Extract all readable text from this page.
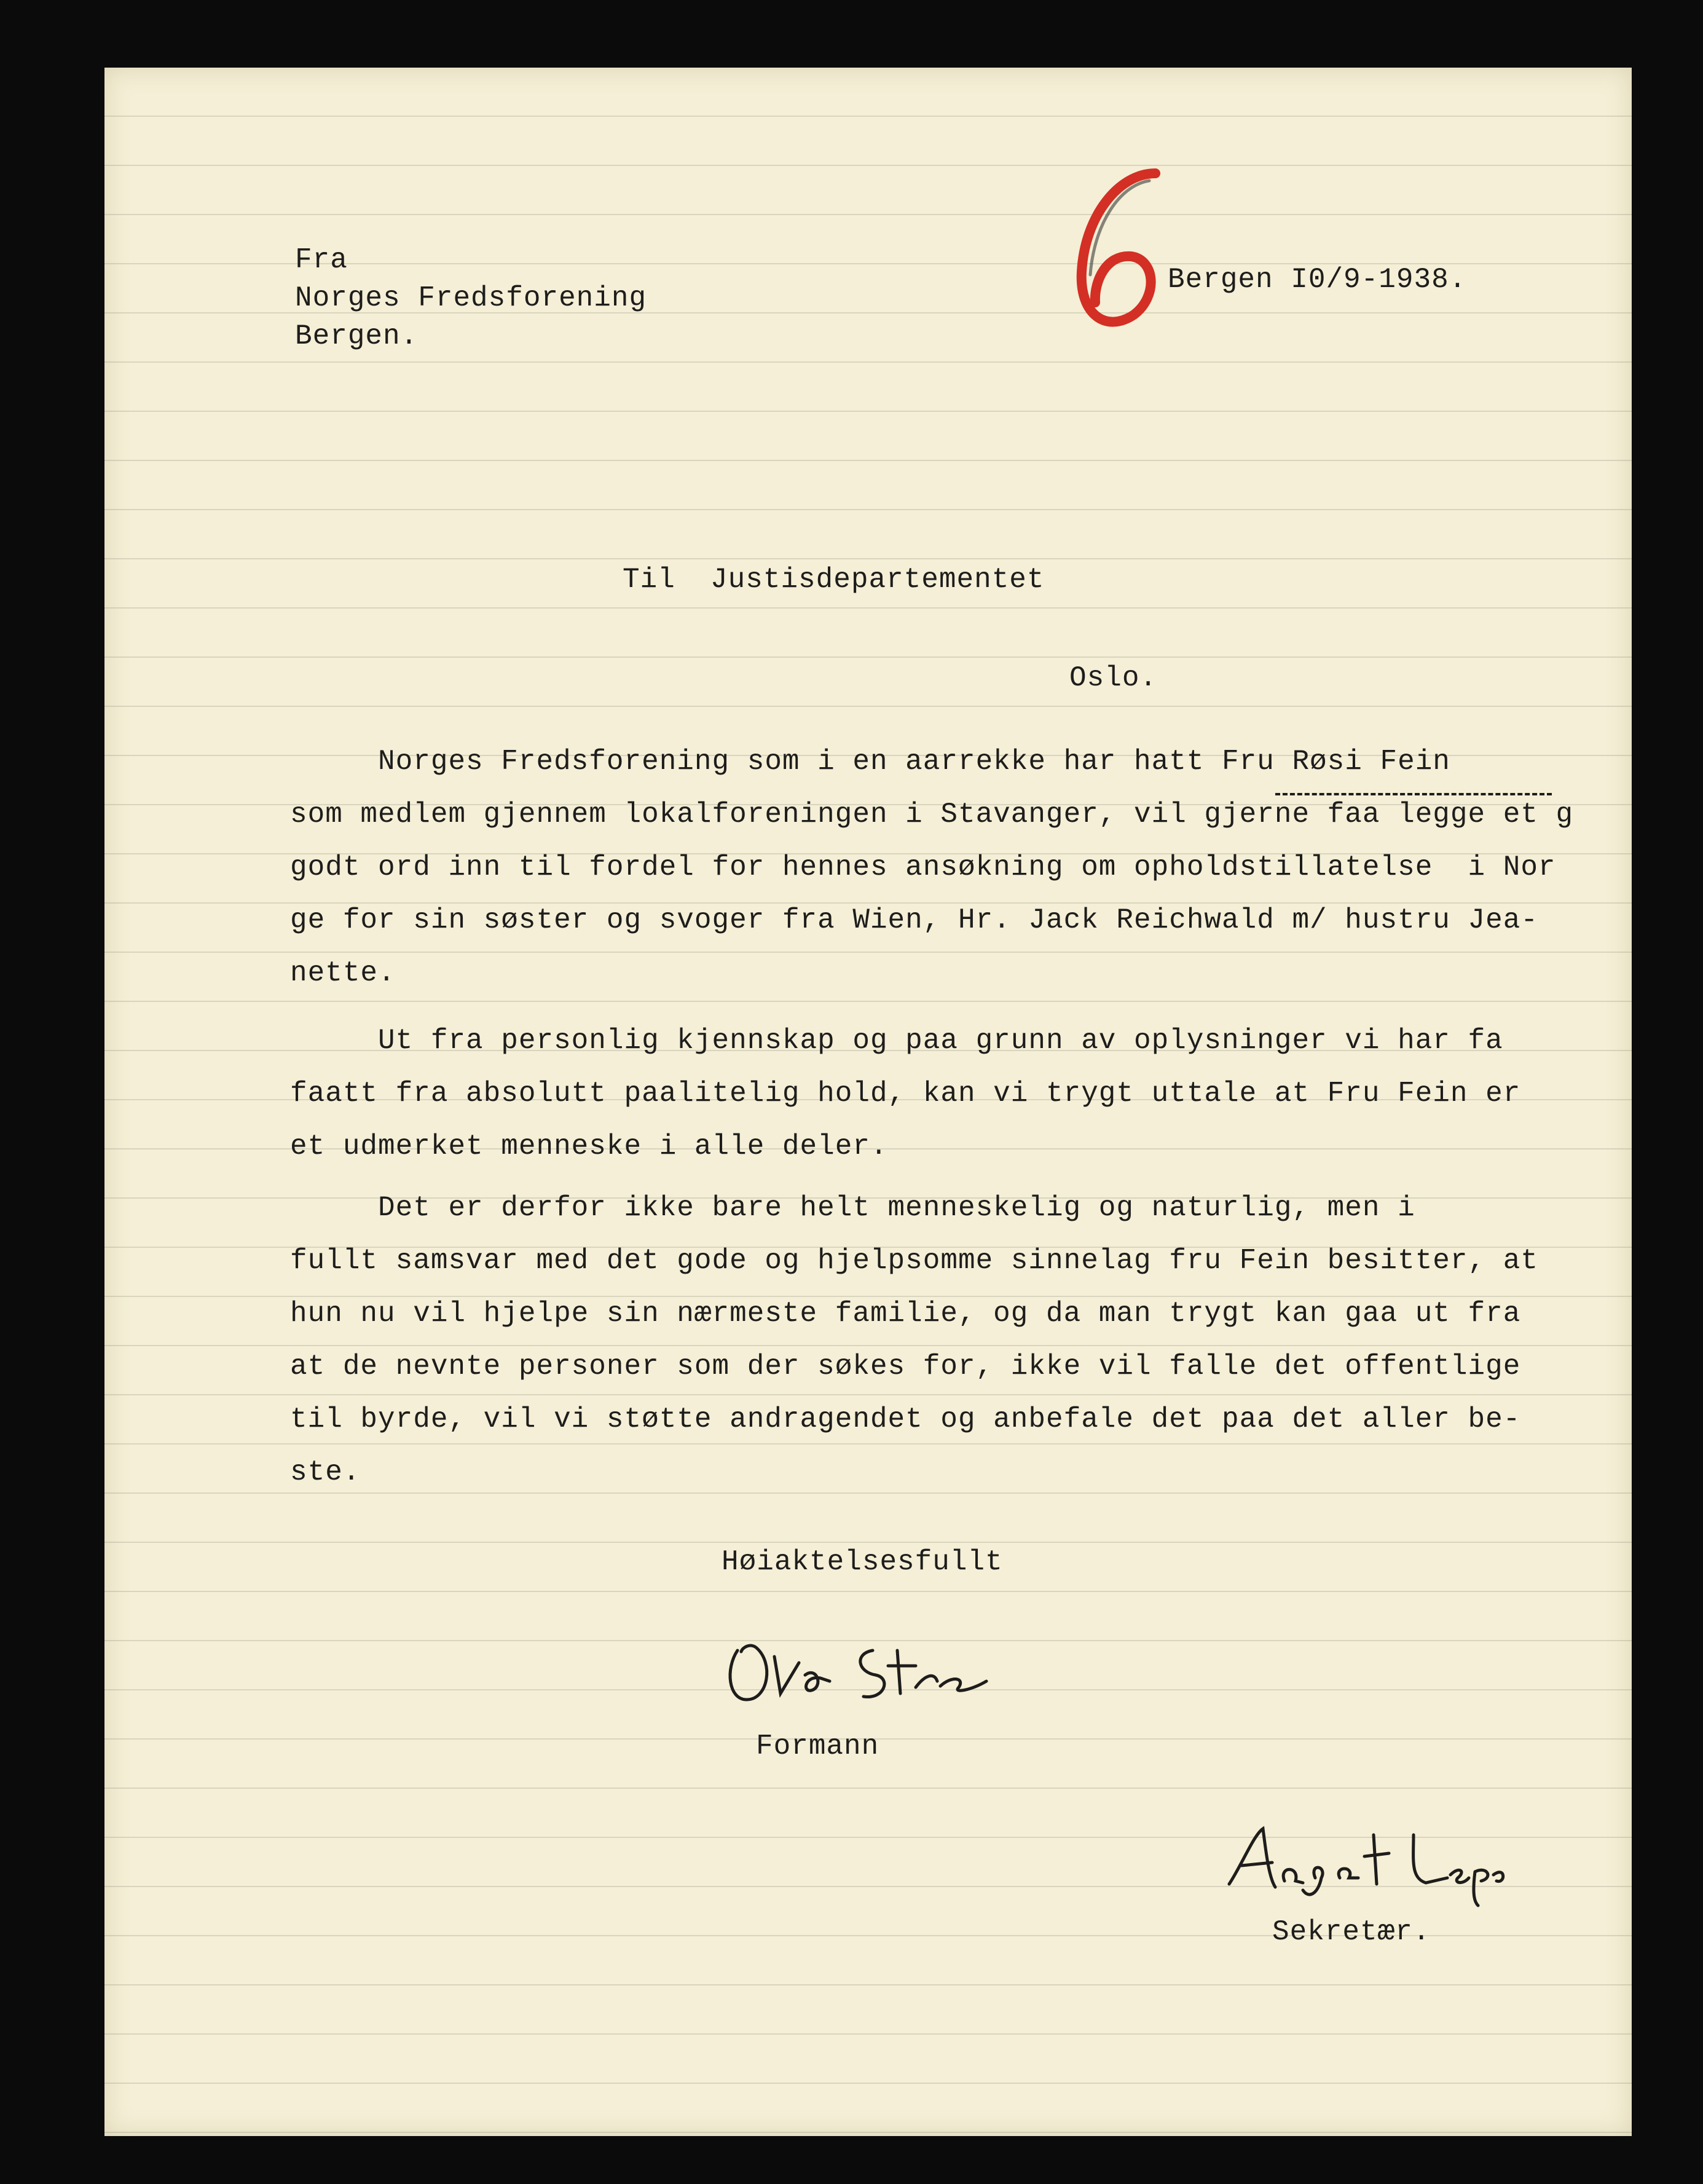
Fra
Norges Fredsforening
Bergen.
Bergen I0/9-1938.
Til  Justisdepartementet
Oslo.
Norges Fredsforening som i en aarrekke har hatt Fru Røsi Fein
som medlem gjennem lokalforeningen i Stavanger, vil gjerne faa legge et g
godt ord inn til fordel for hennes ansøkning om opholdstillatelse  i Nor
ge for sin søster og svoger fra Wien, Hr. Jack Reichwald m/ hustru Jea-
nette.
Ut fra personlig kjennskap og paa grunn av oplysninger vi har fa
faatt fra absolutt paalitelig hold, kan vi trygt uttale at Fru Fein er
et udmerket menneske i alle deler.
Det er derfor ikke bare helt menneskelig og naturlig, men i
fullt samsvar med det gode og hjelpsomme sinnelag fru Fein besitter, at
hun nu vil hjelpe sin nærmeste familie, og da man trygt kan gaa ut fra
at de nevnte personer som der søkes for, ikke vil falle det offentlige
til byrde, vil vi støtte andragendet og anbefale det paa det aller be-
ste.
Høiaktelsesfullt
Formann
Sekretær.
